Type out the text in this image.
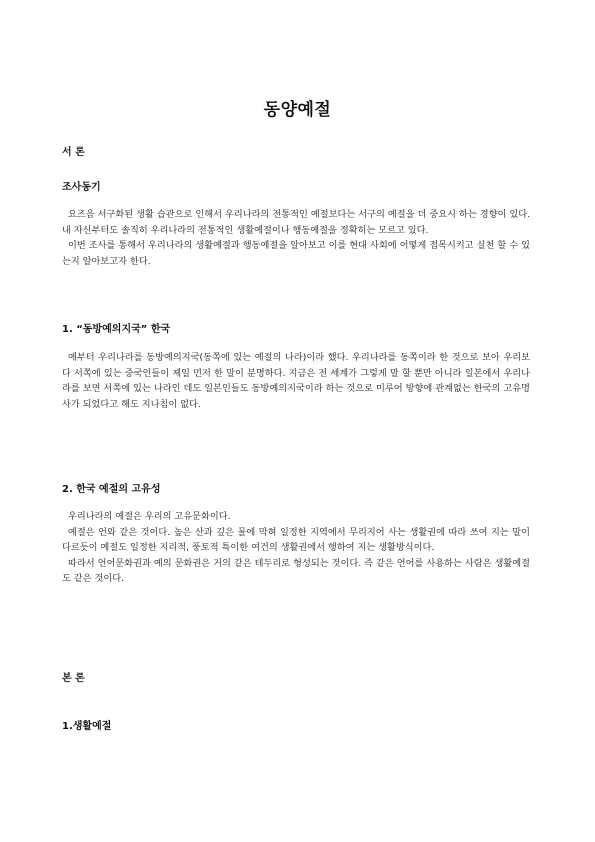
동양예절
서 론
조사동기
요즈음 서구화된 생활 습관으로 인해서 우리나라의 전통적인 예절보다는 서구의 예절을 더 중요시 하는 경향이 있다. 내 자신부터도 솔직히 우리나라의 전통적인 생활예절이나 행동예절을 정확히는 모르고 있다.
이번 조사를 통해서 우리나라의 생활예절과 행동예절을 알아보고 이를 현대 사회에 어떻게 접목시키고 실천 할 수 있는지 알아보고자 한다.
1. “동방예의지국” 한국
예부터 우리나라를 동방예의지국(동쪽에 있는 예절의 나라)이라 했다. 우리나라를 동쪽이라 한 것으로 보아 우리보다 서쪽에 있는 중국인들이 제일 먼저 한 말이 분명하다. 지금은 전 세계가 그렇게 말 할 뿐만 아니라 일본에서 우리나라를 보면 서쪽에 있는 나라인 데도 일본인들도 동방예의지국이라 하는 것으로 미루어 방향에 관계없는 한국의 고유명사가 되었다고 해도 지나침이 없다.
2. 한국 예절의 고유성
우리나라의 예절은 우리의 고유문화이다.
예절은 언와 같은 것이다. 높은 산과 깊은 물에 막혀 일정한 지역에서 무리지어 사는 생활권에 따라 쓰여 지는 말이 다르듯이 예절도 일정한 지리적, 풍토적 특이한 여건의 생활권에서 행하여 지는 생활방식이다.
따라서 언어문화권과 예의 문화권은 거의 같은 테두리로 형성되는 것이다. 즉 같은 언어를 사용하는 사람은 생활예절도 같은 것이다.
본 론
1.생활예절
